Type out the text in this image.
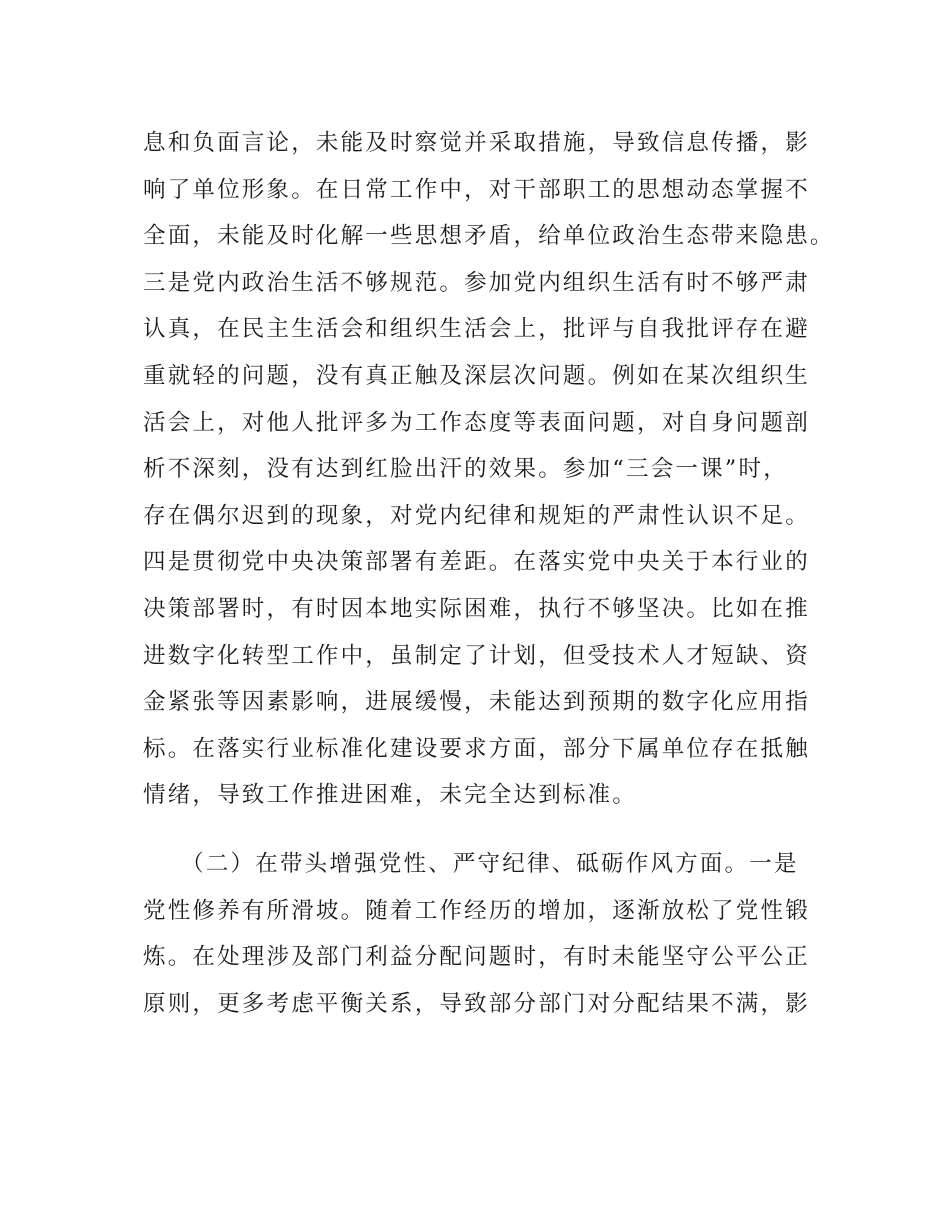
息和负面言论，未能及时察觉并采取措施，导致信息传播，影
响了单位形象。在日常工作中，对干部职工的思想动态掌握不
全面，未能及时化解一些思想矛盾，给单位政治生态带来隐患。
三是党内政治生活不够规范。参加党内组织生活有时不够严肃
认真，在民主生活会和组织生活会上，批评与自我批评存在避
重就轻的问题，没有真正触及深层次问题。例如在某次组织生
活会上，对他人批评多为工作态度等表面问题，对自身问题剖
析不深刻，没有达到红脸出汗的效果。参加“三会一课”时，
存在偶尔迟到的现象，对党内纪律和规矩的严肃性认识不足。
四是贯彻党中央决策部署有差距。在落实党中央关于本行业的
决策部署时，有时因本地实际困难，执行不够坚决。比如在推
进数字化转型工作中，虽制定了计划，但受技术人才短缺、资
金紧张等因素影响，进展缓慢，未能达到预期的数字化应用指
标。在落实行业标准化建设要求方面，部分下属单位存在抵触
情绪，导致工作推进困难，未完全达到标准。
　　（二）在带头增强党性、严守纪律、砥砺作风方面。一是
党性修养有所滑坡。随着工作经历的增加，逐渐放松了党性锻
炼。在处理涉及部门利益分配问题时，有时未能坚守公平公正
原则，更多考虑平衡关系，导致部分部门对分配结果不满，影
